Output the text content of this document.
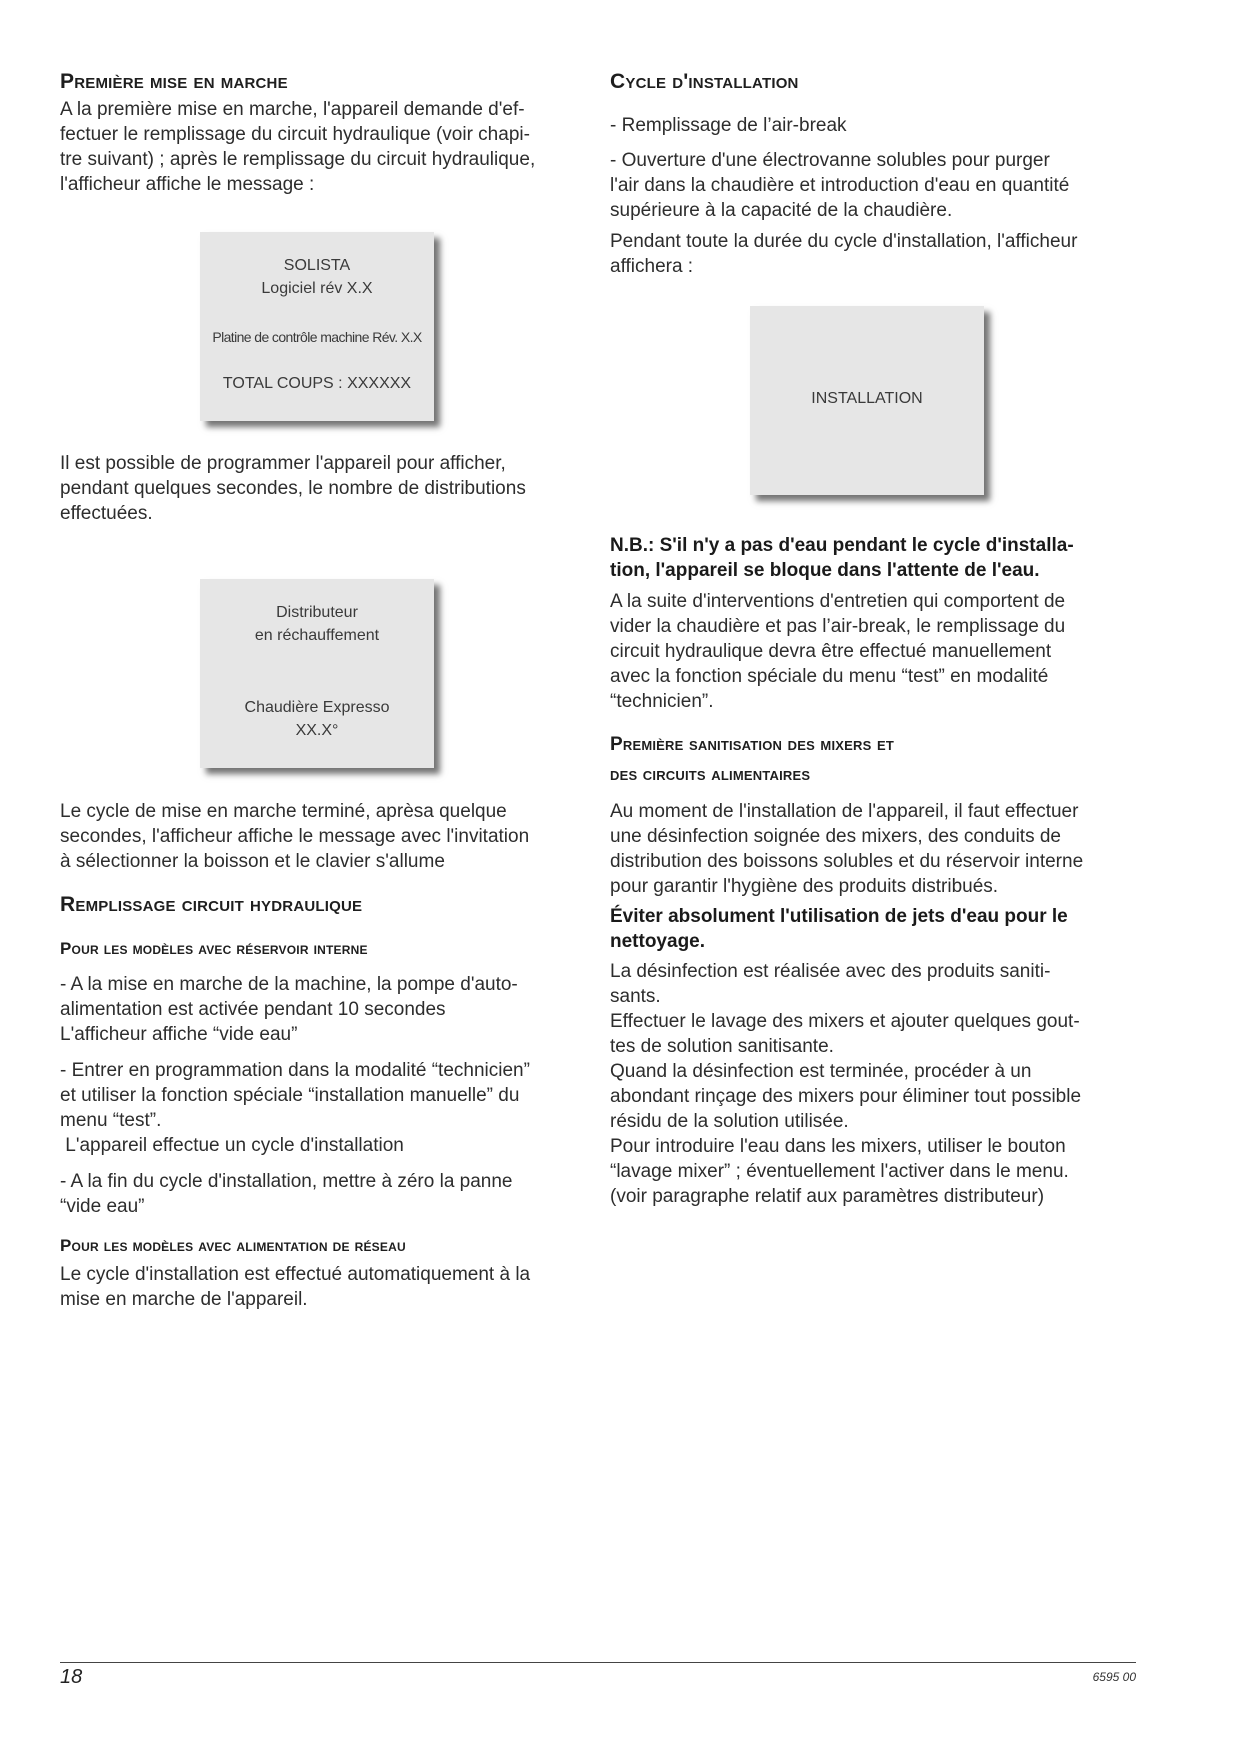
Première mise en marche

A la première mise en marche, l'appareil demande d'ef-
fectuer le remplissage du circuit hydraulique (voir chapi-
tre suivant) ; après le remplissage du circuit hydraulique,
l'afficheur affiche le message :

SOLISTA
Logiciel rév X.X
Platine de contrôle machine Rév. X.X
TOTAL COUPS : XXXXXX

Il est possible de programmer l'appareil pour afficher,
pendant quelques secondes, le nombre de distributions
effectuées.

Distributeur
en réchauffement
Chaudière Expresso
XX.X°

Le cycle de mise en marche terminé, aprèsa quelque
secondes, l'afficheur affiche le message avec l'invitation
à sélectionner la boisson et le clavier s'allume

Remplissage circuit hydraulique
Pour les modèles avec réservoir interne

- A la mise en marche de la machine, la pompe d'auto-
alimentation est activée pendant 10 secondes
L'afficheur affiche “vide eau”

- Entrer en programmation dans la modalité “technicien”
et utiliser la fonction spéciale “installation manuelle” du
menu “test”.
L'appareil effectue un cycle d'installation

- A la fin du cycle d'installation, mettre à zéro la panne
“vide eau”

Pour les modèles avec alimentation de réseau

Le cycle d'installation est effectué automatiquement à la
mise en marche de l'appareil.

Cycle d'installation

- Remplissage de l’air-break

- Ouverture d'une électrovanne solubles pour purger
l'air dans la chaudière et introduction d'eau en quantité
supérieure à la capacité de la chaudière.

Pendant toute la durée du cycle d'installation, l'afficheur
affichera :

INSTALLATION

N.B.: S'il n'y a pas d'eau pendant le cycle d'installa-
tion, l'appareil se bloque dans l'attente de l'eau.

A la suite d'interventions d'entretien qui comportent de
vider la chaudière et pas l’air-break, le remplissage du
circuit hydraulique devra être effectué manuellement
avec la fonction spéciale du menu “test” en modalité
“technicien”.

Première sanitisation des mixers et
des circuits alimentaires

Au moment de l'installation de l'appareil, il faut effectuer
une désinfection soignée des mixers, des conduits de
distribution des boissons solubles et du réservoir interne
pour garantir l'hygiène des produits distribués.

Éviter absolument l'utilisation de jets d'eau pour le
nettoyage.

La désinfection est réalisée avec des produits saniti-
sants.
Effectuer le lavage des mixers et ajouter quelques gout-
tes de solution sanitisante.
Quand la désinfection est terminée, procéder à un
abondant rinçage des mixers pour éliminer tout possible
résidu de la solution utilisée.
Pour introduire l'eau dans les mixers, utiliser le bouton
“lavage mixer” ; éventuellement l'activer dans le menu.
(voir paragraphe relatif aux paramètres distributeur)

18	6595 00
